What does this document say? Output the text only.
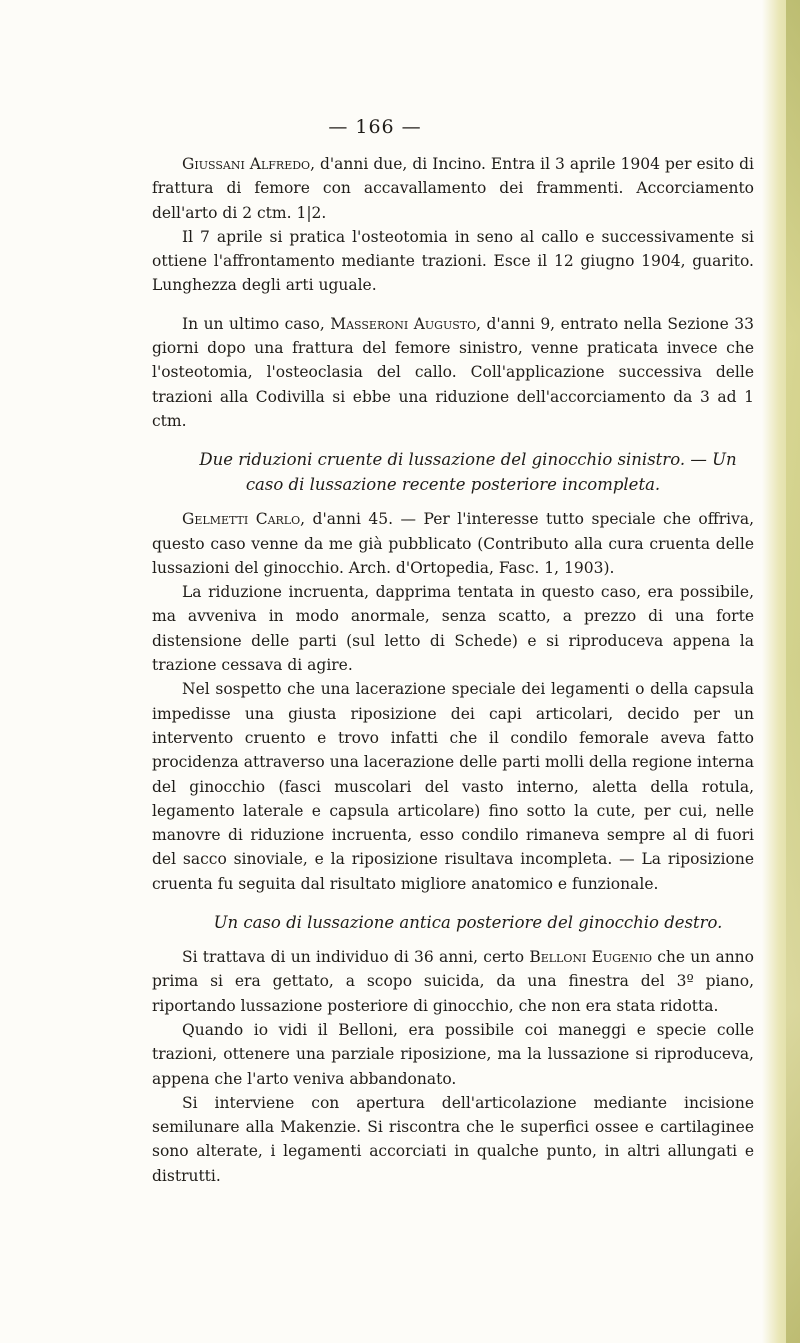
— 166 —

Giussani Alfredo, d'anni due, di Incino. Entra il 3 aprile 1904 per esito di frattura di femore con accavallamento dei frammenti. Accorciamento dell'arto di 2 ctm. 1|2.

Il 7 aprile si pratica l'osteotomia in seno al callo e successivamente si ottiene l'affrontamento mediante trazioni. Esce il 12 giugno 1904, guarito. Lunghezza degli arti uguale.

In un ultimo caso, Masseroni Augusto, d'anni 9, entrato nella Sezione 33 giorni dopo una frattura del femore sinistro, venne praticata invece che l'osteotomia, l'osteoclasia del callo. Coll'applicazione successiva delle trazioni alla Codivilla si ebbe una riduzione dell'accorciamento da 3 ad 1 ctm.

Due riduzioni cruente di lussazione del ginocchio sinistro. — Un caso di lussazione recente posteriore incompleta.

Gelmetti Carlo, d'anni 45. — Per l'interesse tutto speciale che offriva, questo caso venne da me già pubblicato (Contributo alla cura cruenta delle lussazioni del ginocchio. Arch. d'Ortopedia, Fasc. 1, 1903).

La riduzione incruenta, dapprima tentata in questo caso, era possibile, ma avveniva in modo anormale, senza scatto, a prezzo di una forte distensione delle parti (sul letto di Schede) e si riproduceva appena la trazione cessava di agire.

Nel sospetto che una lacerazione speciale dei legamenti o della capsula impedisse una giusta riposizione dei capi articolari, decido per un intervento cruento e trovo infatti che il condilo femorale aveva fatto procidenza attraverso una lacerazione delle parti molli della regione interna del ginocchio (fasci muscolari del vasto interno, aletta della rotula, legamento laterale e capsula articolare) fino sotto la cute, per cui, nelle manovre di riduzione incruenta, esso condilo rimaneva sempre al di fuori del sacco sinoviale, e la riposizione risultava incompleta. — La riposizione cruenta fu seguita dal risultato migliore anatomico e funzionale.

Un caso di lussazione antica posteriore del ginocchio destro.

Si trattava di un individuo di 36 anni, certo Belloni Eugenio che un anno prima si era gettato, a scopo suicida, da una finestra del 3º piano, riportando lussazione posteriore di ginocchio, che non era stata ridotta.

Quando io vidi il Belloni, era possibile coi maneggi e specie colle trazioni, ottenere una parziale riposizione, ma la lussazione si riproduceva, appena che l'arto veniva abbandonato.

Si interviene con apertura dell'articolazione mediante incisione semilunare alla Makenzie. Si riscontra che le superfici ossee e cartilaginee sono alterate, i legamenti accorciati in qualche punto, in altri allungati e distrutti.
